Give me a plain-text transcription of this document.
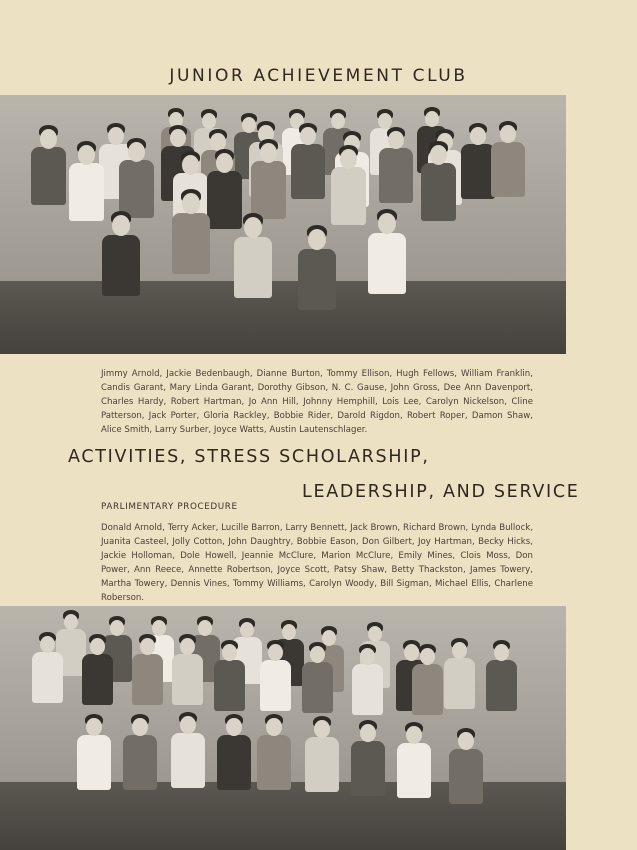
JUNIOR ACHIEVEMENT CLUB
Jimmy Arnold, Jackie Bedenbaugh, Dianne Burton, Tommy Ellison, Hugh Fellows, William Franklin, Candis Garant, Mary Linda Garant, Dorothy Gibson, N. C. Gause, John Gross, Dee Ann Davenport, Charles Hardy, Robert Hartman, Jo Ann Hill, Johnny Hemphill, Lois Lee, Carolyn Nickelson, Cline Patterson, Jack Porter, Gloria Rackley, Bobbie Rider, Darold Rigdon, Robert Roper, Damon Shaw, Alice Smith, Larry Surber, Joyce Watts, Austin Lautenschlager.
ACTIVITIES, STRESS SCHOLARSHIP,
LEADERSHIP, AND SERVICE
PARLIMENTARY PROCEDURE
Donald Arnold, Terry Acker, Lucille Barron, Larry Bennett, Jack Brown, Richard Brown, Lynda Bullock, Juanita Casteel, Jolly Cotton, John Daughtry, Bobbie Eason, Don Gilbert, Joy Hartman, Becky Hicks, Jackie Holloman, Dole Howell, Jeannie McClure, Marion McClure, Emily Mines, Clois Moss, Don Power, Ann Reece, Annette Robertson, Joyce Scott, Patsy Shaw, Betty Thackston, James Towery, Martha Towery, Dennis Vines, Tommy Williams, Carolyn Woody, Bill Sigman, Michael Ellis, Charlene Roberson.
